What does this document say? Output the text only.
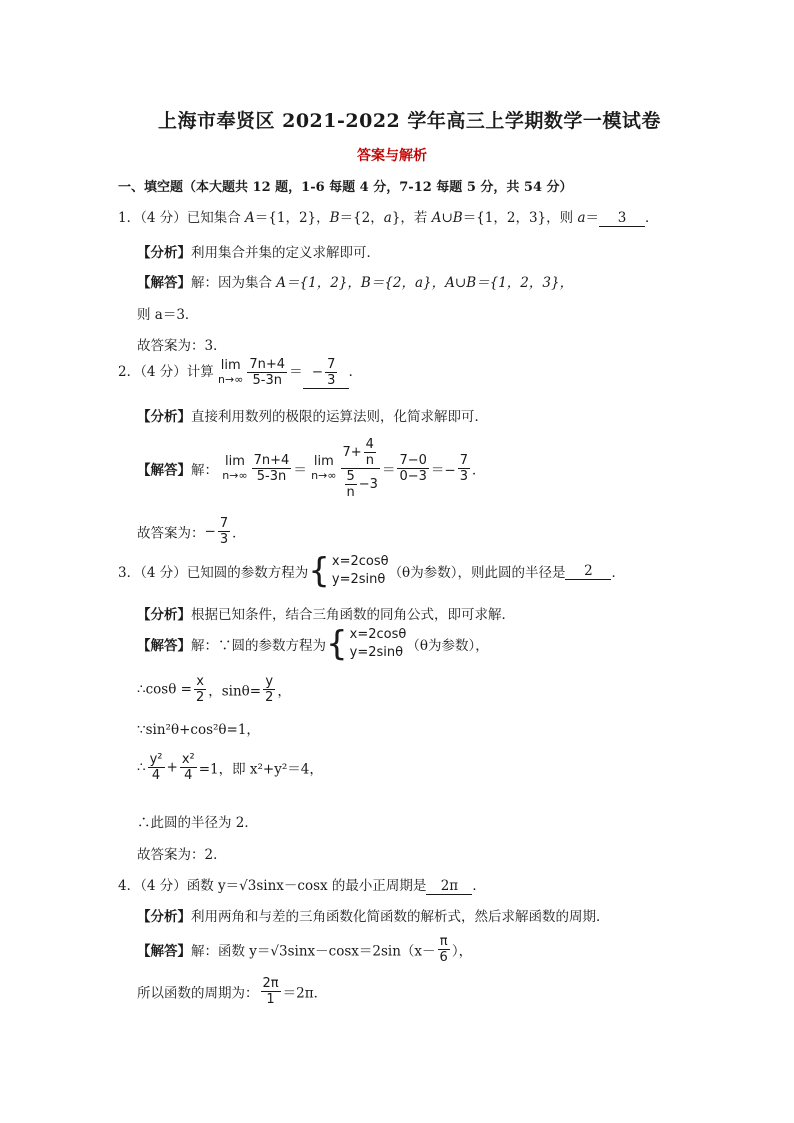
上海市奉贤区 2021-2022 学年高三上学期数学一模试卷
答案与解析
一、填空题（本大题共 12 题，1-6 每题 4 分，7-12 每题 5 分，共 54 分）
1．（4 分）已知集合 A＝{1，2}，B＝{2，a}，若 A∪B＝{1，2，3}，则 a＝ 3 ．
【分析】利用集合并集的定义求解即可．
【解答】解：因为集合 A＝{1，2}，B＝{2，a}，A∪B＝{1，2，3}，
则 a＝3．
故答案为：3．
2．（4 分）计算 lim
$n\to\infty \frac{7n+4}{5-3n}$ ＝ − $\frac{7}{3}$ ．
【分析】直接利用数列的极限的运算法则，化简求解即可．
【解答】解：
lim
$n\to\infty \frac{7n+4}{5-3n}$ ＝
lim
$n\to\infty \frac{7+ \frac{4}{n}}{\frac{5}{n} -3} = \frac{7-0}{0-3} =- \frac{7}{3}$ ．
故答案为：− $\frac{7}{3}$ ．
3．（4 分）已知圆的参数方程为{ x=2cosθ
y=2sinθ （θ为参数），则此圆的半径是 2 ．
【分析】根据已知条件，结合三角函数的同角公式，即可求解．
【解答】解：∵圆的参数方程为{ x=2cosθ
y=2sinθ （θ为参数），
∴cosθ = $\frac{x}{2}$ ，$\sin\theta= \frac{y}{2}$ ，
∵sin²θ+cos²θ=1，
∴ $\frac{\text{y²}}{4} + \frac{\text{x²}}{4} =1$，即 x²+y²＝4，
∴此圆的半径为 2．
故答案为：2．
4．（4 分）函数 y＝√3sinx－cosx 的最小正周期是 2π ．
【分析】利用两角和与差的三角函数化简函数的解析式，然后求解函数的周期．
【解答】解：函数 $y=√3\sin x-\cos x=2\sin(x- \frac{\pi}{6}$ ），
所以函数的周期为： $\frac{2\pi}{1} =2\pi$．
